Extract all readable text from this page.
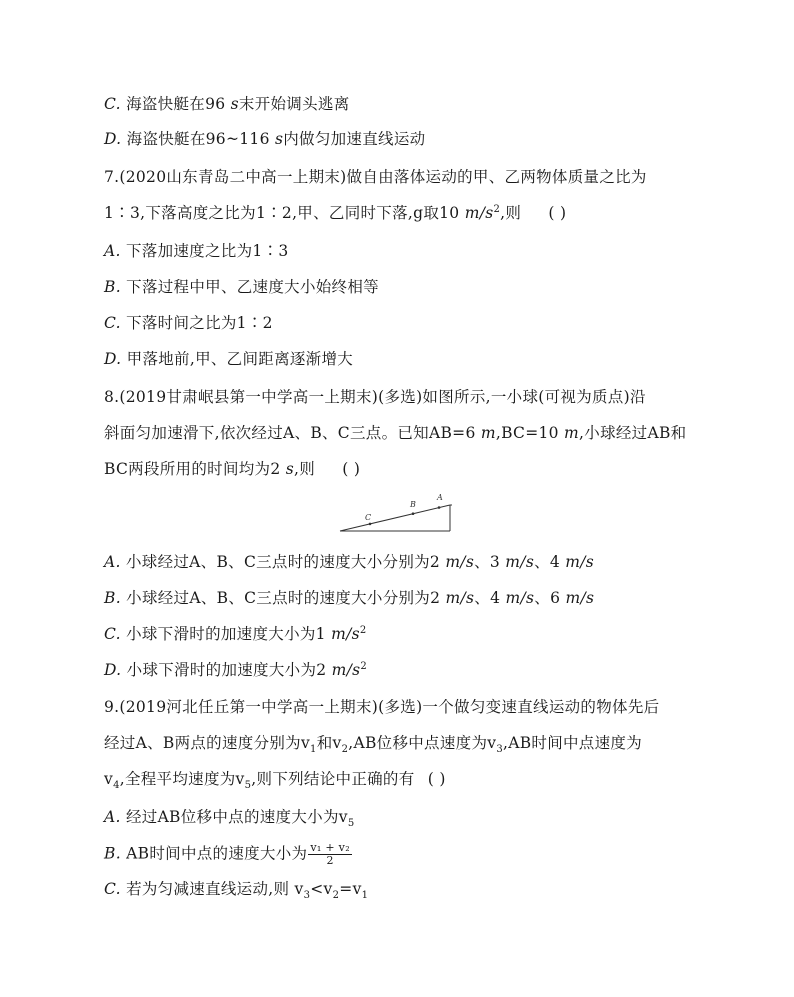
C. 海盗快艇在96 s末开始调头逃离
D. 海盗快艇在96~116 s内做匀加速直线运动
7.(2020山东青岛二中高一上期末)做自由落体运动的甲、乙两物体质量之比为
1∶3,下落高度之比为1∶2,甲、乙同时下落,g取10 $m/s^2$,则 ( )
A. 下落加速度之比为1∶3
B. 下落过程中甲、乙速度大小始终相等
C. 下落时间之比为1∶2
D. 甲落地前,甲、乙间距离逐渐增大
8.(2019甘肃岷县第一中学高一上期末)(多选)如图所示,一小球(可视为质点)沿
斜面匀加速滑下,依次经过A、B、C三点。已知AB=6 m,BC=10 m,小球经过AB和
BC两段所用的时间均为2 s,则 ( )
A
B
C
A. 小球经过A、B、C三点时的速度大小分别为2 m/s、3 m/s、4 m/s
B. 小球经过A、B、C三点时的速度大小分别为2 m/s、4 m/s、6 m/s
C. 小球下滑时的加速度大小为1 $m/s^2$
D. 小球下滑时的加速度大小为2 $m/s^2$
9.(2019河北任丘第一中学高一上期末)(多选)一个做匀变速直线运动的物体先后
经过A、B两点的速度分别为$v_1$和$v_2,AB$位移中点速度为$v_3,AB$时间中点速度为
$v_4$,全程平均速度为$v_5$,则下列结论中正确的有 ( )
A. 经过AB位移中点的速度大小为$v_5$
B. AB时间中点的速度大小为 $\frac{\text{v₁ + v₂}}{2}$
C. 若为匀减速直线运动,则 $v_3<v_2=v_1$
